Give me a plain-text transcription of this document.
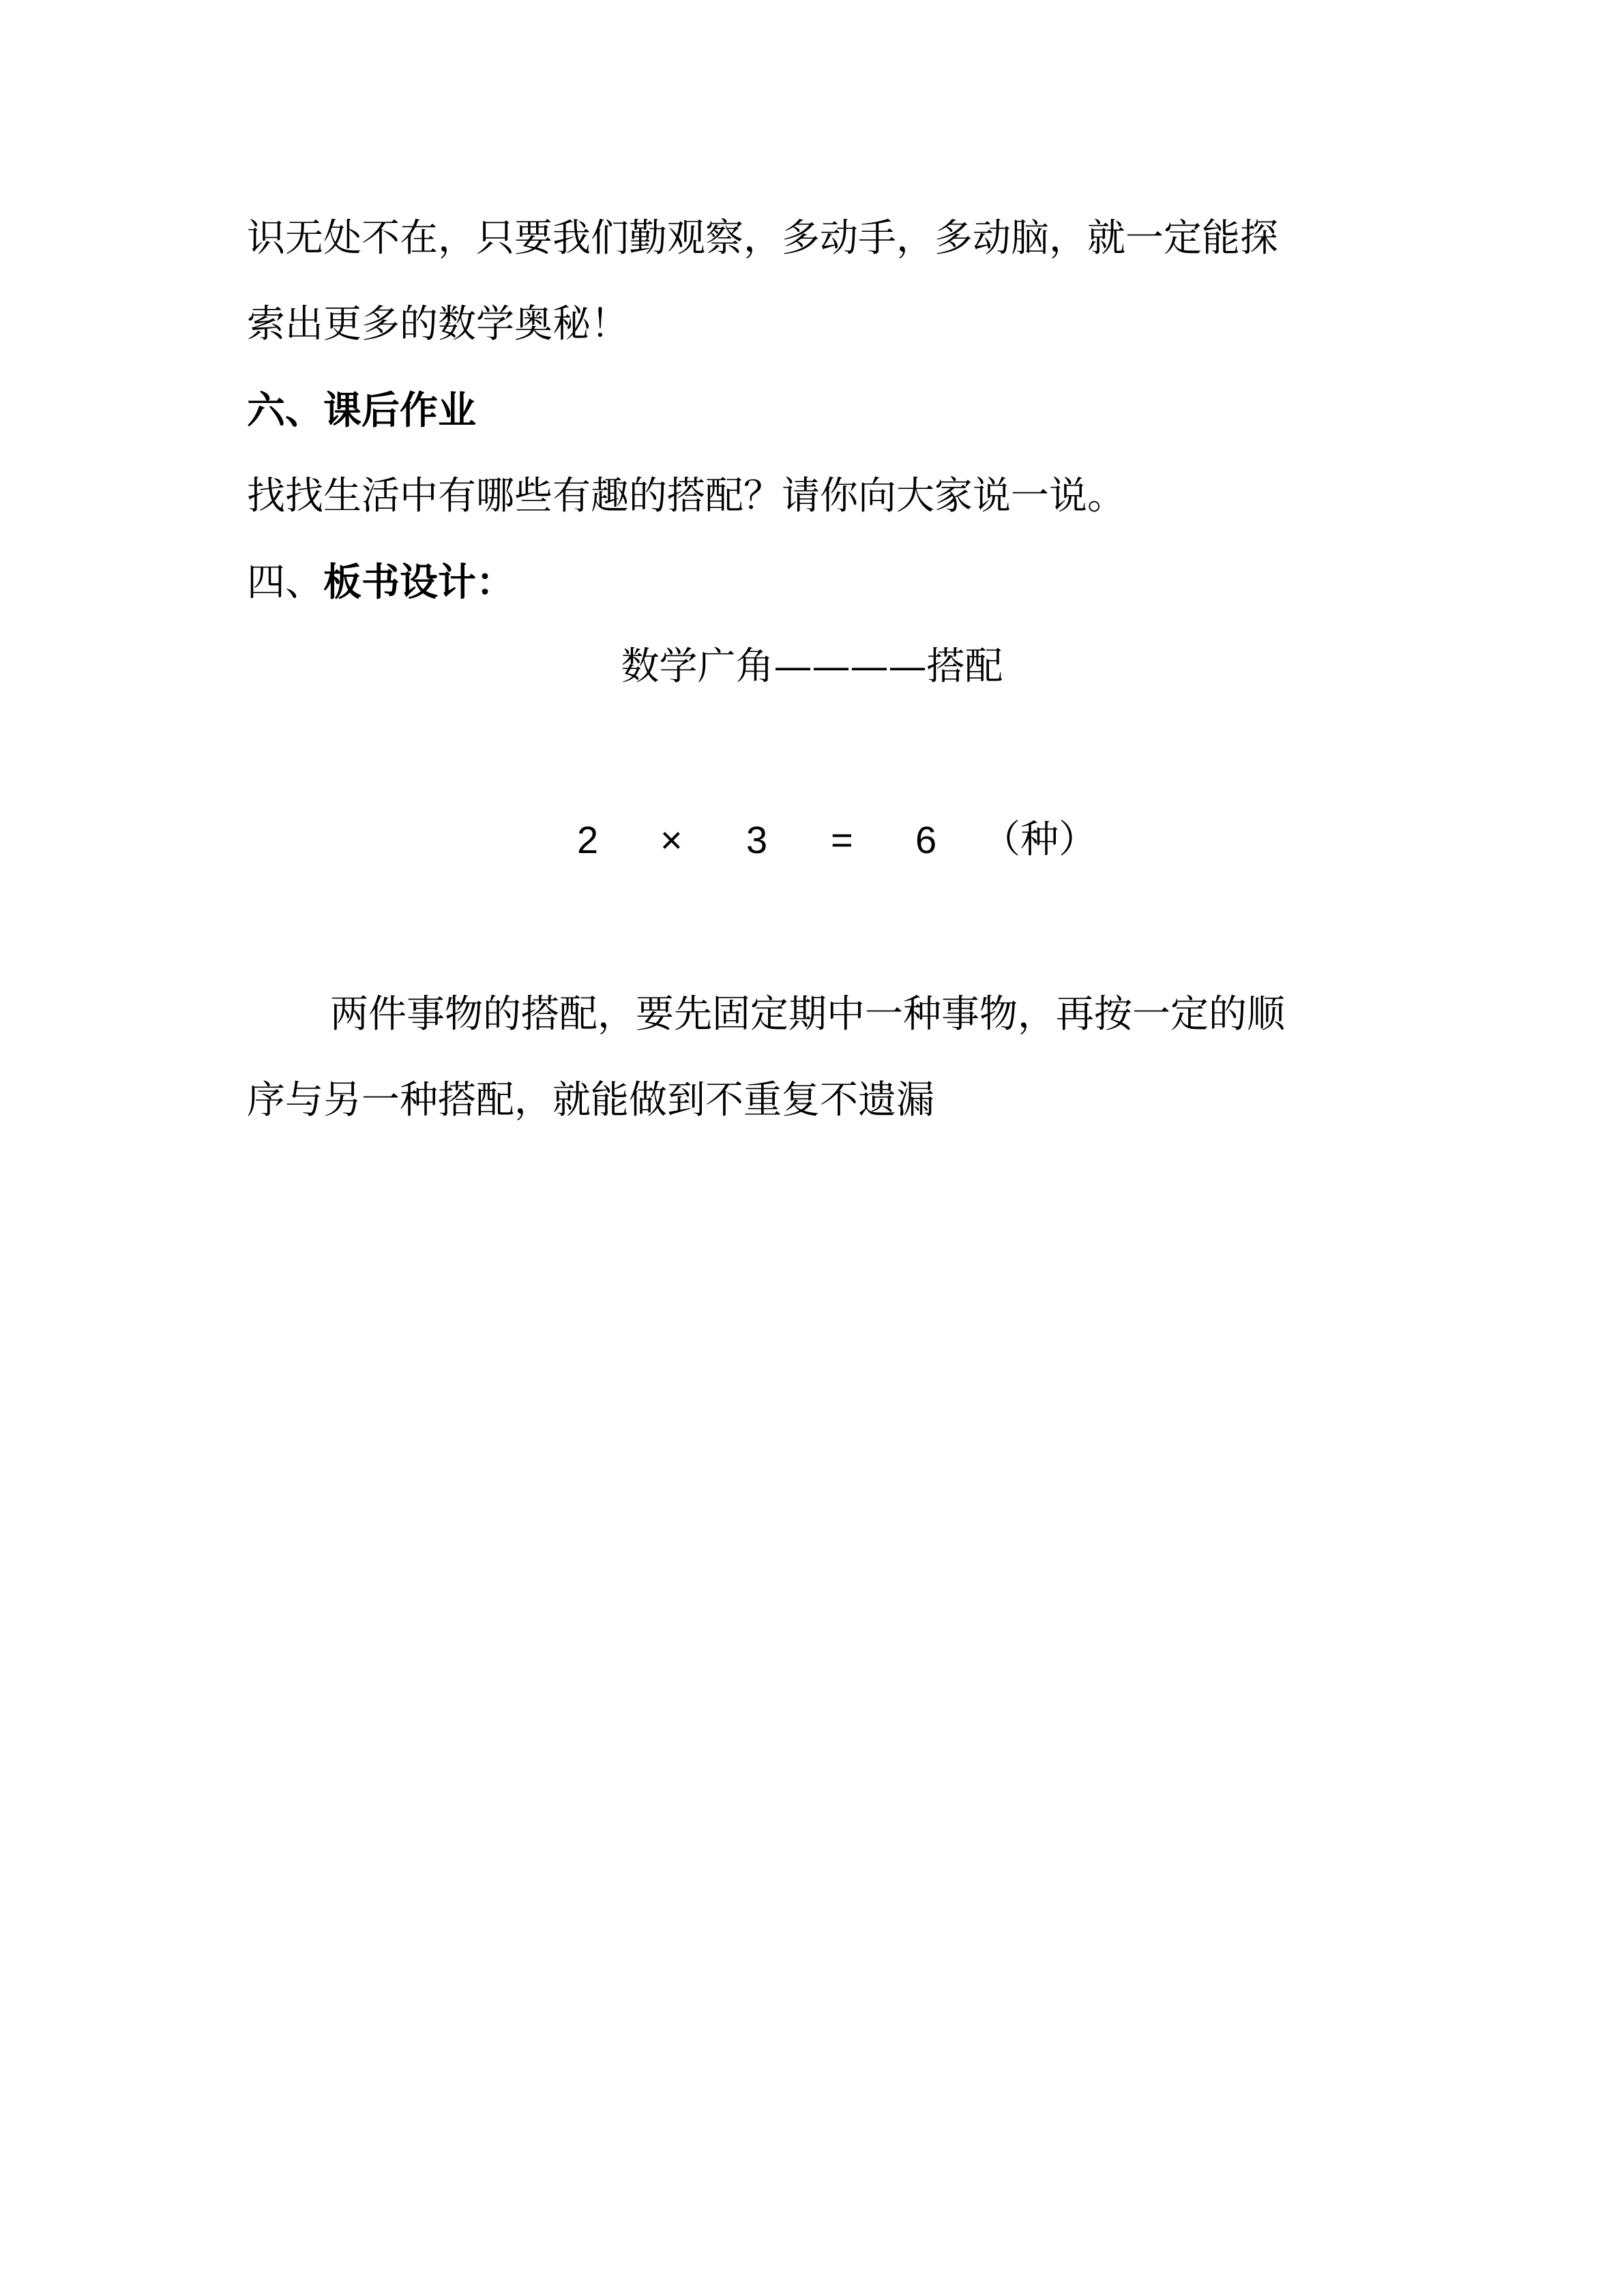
识无处不在，只要我们勤观察，多动手，多动脑，就一定能探
索出更多的数学奥秘！
六、课后作业
找找生活中有哪些有趣的搭配？请你向大家说一说。
四、板书设计：
数学广角————搭配
2 × 3 = 6 （种）
两件事物的搭配，要先固定期中一种事物，再按一定的顺
序与另一种搭配，就能做到不重复不遗漏
